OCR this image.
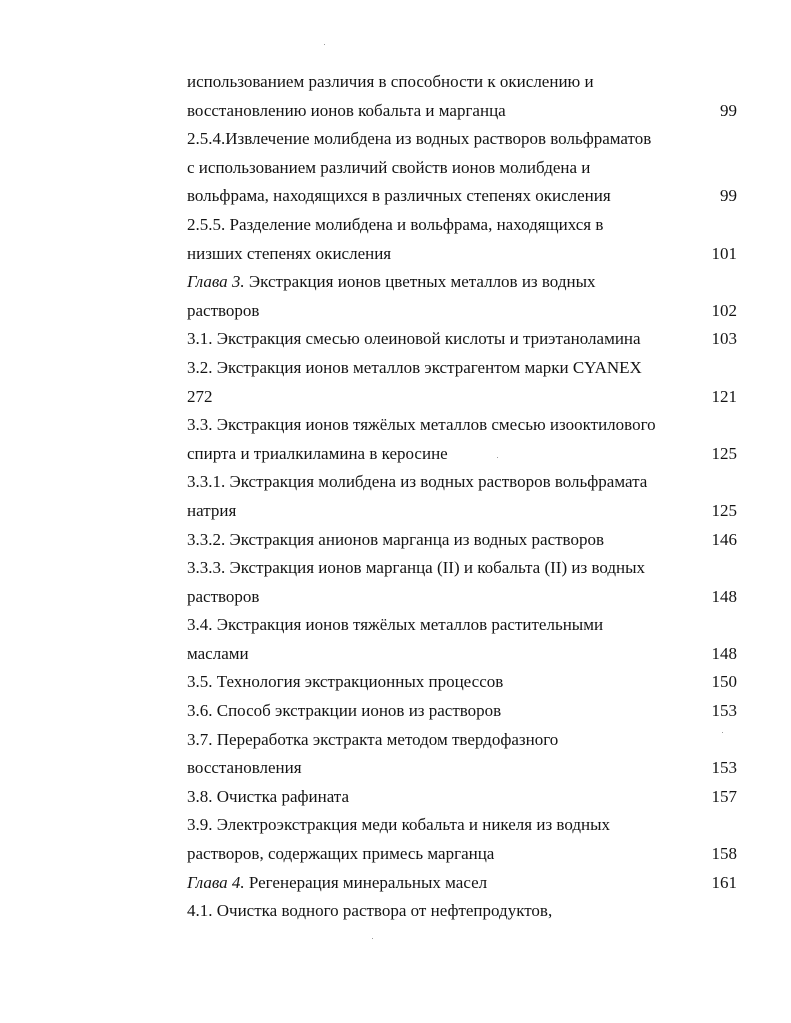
использованием различия в способности к окислению и
восстановлению ионов кобальта и марганца	99
2.5.4.Извлечение молибдена из водных растворов вольфраматов
с использованием различий свойств ионов молибдена и
вольфрама, находящихся в различных степенях окисления	99
2.5.5. Разделение молибдена и вольфрама, находящихся в
низших степенях окисления	101
Глава 3. Экстракция ионов цветных металлов из водных
растворов	102
3.1. Экстракция смесью олеиновой кислоты и триэтаноламина	103
3.2. Экстракция ионов металлов экстрагентом марки CYANEX
272	121
3.3. Экстракция ионов тяжёлых металлов смесью изооктилового
спирта и триалкиламина в керосине	125
3.3.1. Экстракция молибдена из водных растворов вольфрамата
натрия	125
3.3.2. Экстракция анионов марганца из водных растворов	146
3.3.3. Экстракция ионов марганца (II) и кобальта (II) из водных
растворов	148
3.4. Экстракция ионов тяжёлых металлов растительными
маслами	148
3.5. Технология экстракционных процессов	150
3.6. Способ экстракции ионов из растворов	153
3.7. Переработка экстракта методом твердофазного
восстановления	153
3.8. Очистка рафината	157
3.9. Электроэкстракция меди кобальта и никеля из водных
растворов, содержащих примесь марганца	158
Глава 4. Регенерация минеральных масел	161
4.1. Очистка водного раствора от нефтепродуктов,
